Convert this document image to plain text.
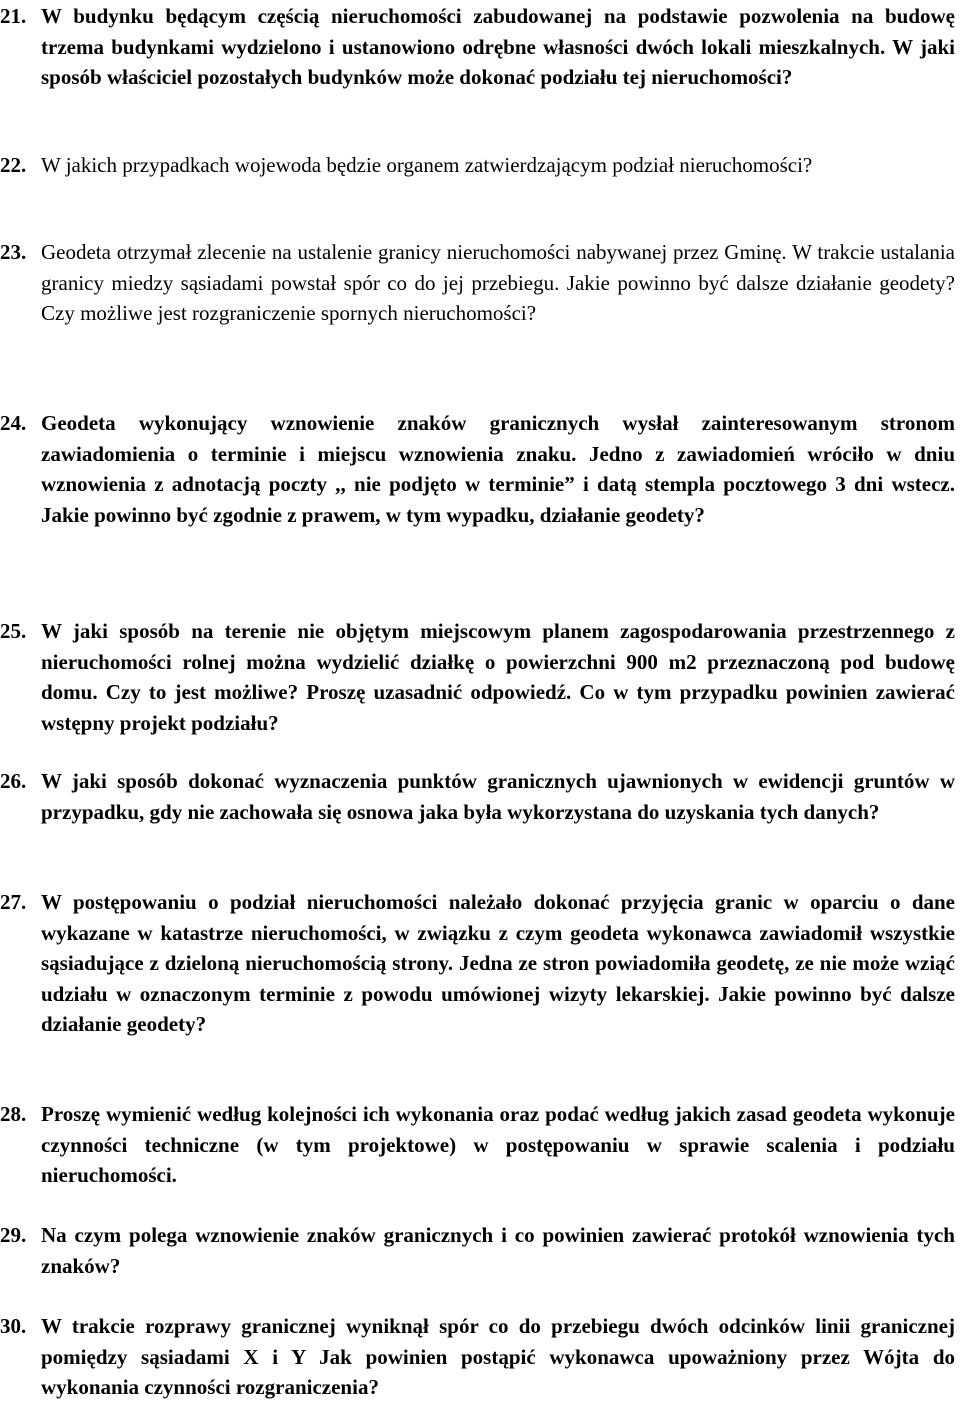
21. W budynku będącym częścią nieruchomości zabudowanej na podstawie pozwolenia na budowę trzema budynkami wydzielono i ustanowiono odrębne własności dwóch lokali mieszkalnych. W jaki sposób właściciel pozostałych budynków może dokonać podziału tej nieruchomości?
22. W jakich przypadkach wojewoda będzie organem zatwierdzającym podział nieruchomości?
23. Geodeta otrzymał zlecenie na ustalenie granicy nieruchomości nabywanej przez Gminę. W trakcie ustalania granicy miedzy sąsiadami powstał spór co do jej przebiegu. Jakie powinno być dalsze działanie geodety? Czy możliwe jest rozgraniczenie spornych nieruchomości?
24. Geodeta wykonujący wznowienie znaków granicznych wysłał zainteresowanym stronom zawiadomienia o terminie i miejscu wznowienia znaku. Jedno z zawiadomień wróciło w dniu wznowienia z adnotacją poczty ,, nie podjęto w terminie” i datą stempla pocztowego 3 dni wstecz. Jakie powinno być zgodnie z prawem, w tym wypadku, działanie geodety?
25. W jaki sposób na terenie nie objętym miejscowym planem zagospodarowania przestrzennego z nieruchomości rolnej można wydzielić działkę o powierzchni 900 m2 przeznaczoną pod budowę domu. Czy to jest możliwe? Proszę uzasadnić odpowiedź. Co w tym przypadku powinien zawierać wstępny projekt podziału?
26. W jaki sposób dokonać wyznaczenia punktów granicznych ujawnionych w ewidencji gruntów w przypadku, gdy nie zachowała się osnowa jaka była wykorzystana do uzyskania tych danych?
27. W postępowaniu o podział nieruchomości należało dokonać przyjęcia granic w oparciu o dane wykazane w katastrze nieruchomości, w związku z czym geodeta wykonawca zawiadomił wszystkie sąsiadujące z dzieloną nieruchomością strony. Jedna ze stron powiadomiła geodetę, ze nie może wziąć udziału w oznaczonym terminie z powodu umówionej wizyty lekarskiej. Jakie powinno być dalsze działanie geodety?
28. Proszę wymienić według kolejności ich wykonania oraz podać według jakich zasad geodeta wykonuje czynności techniczne (w tym projektowe) w postępowaniu w sprawie scalenia i podziału nieruchomości.
29. Na czym polega wznowienie znaków granicznych i co powinien zawierać protokół wznowienia tych znaków?
30. W trakcie rozprawy granicznej wyniknął spór co do przebiegu dwóch odcinków linii granicznej pomiędzy sąsiadami X i Y Jak powinien postąpić wykonawca upoważniony przez Wójta do wykonania czynności rozgraniczenia?
